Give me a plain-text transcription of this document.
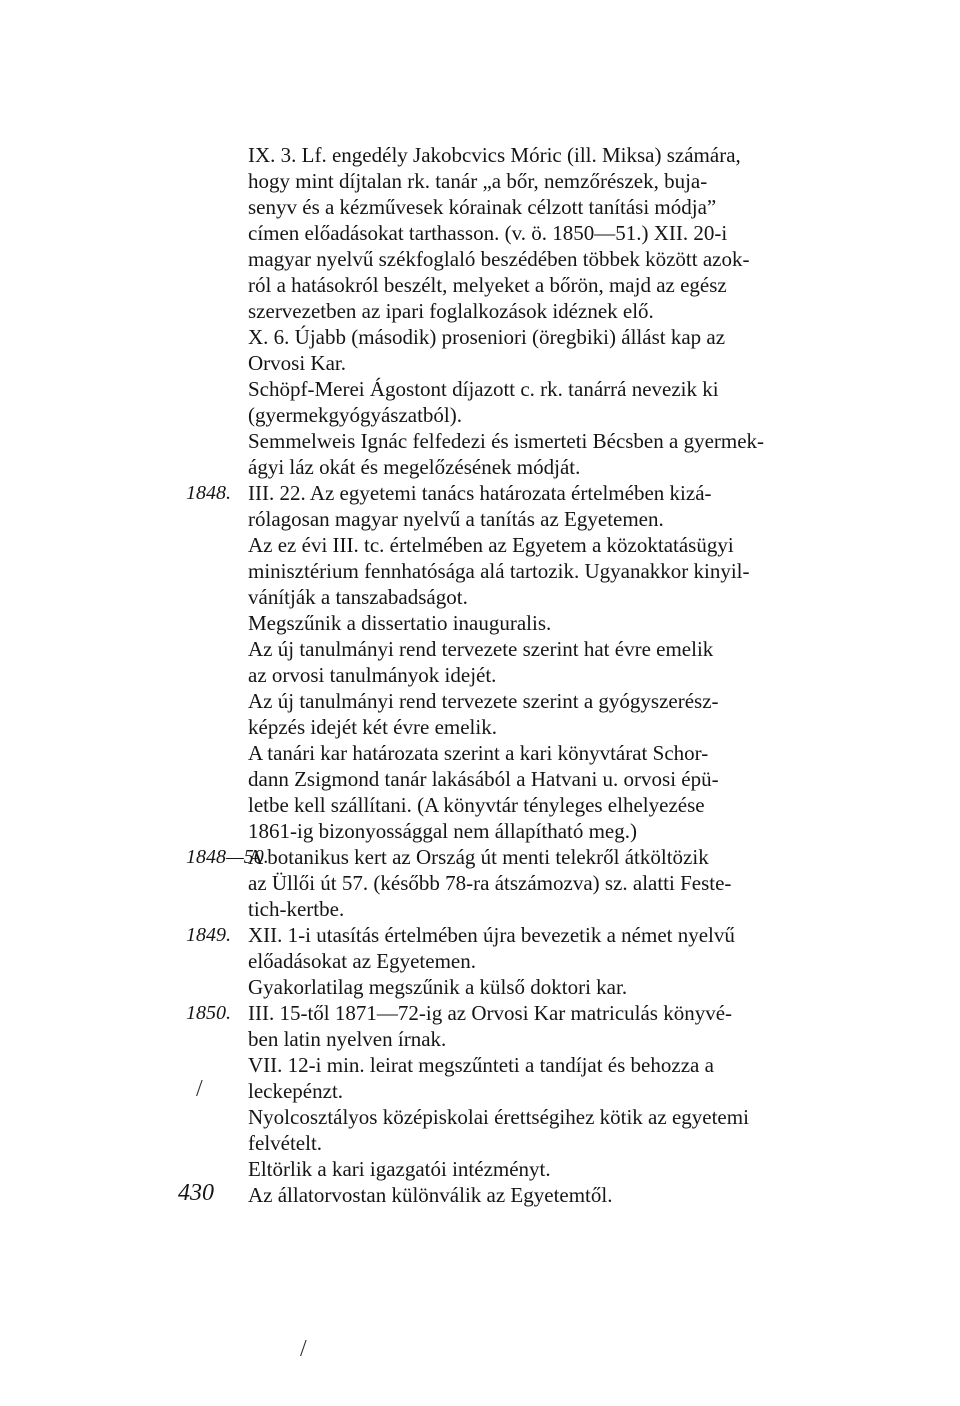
IX. 3. Lf. engedély Jakobcvics Móric (ill. Miksa) számára,
hogy mint díjtalan rk. tanár „a bőr, nemzőrészek, buja-
senyv és a kézművesek kórainak célzott tanítási módja”
címen előadásokat tarthasson. (v. ö. 1850—51.) XII. 20-i
magyar nyelvű székfoglaló beszédében többek között azok-
ról a hatásokról beszélt, melyeket a bőrön, majd az egész
szervezetben az ipari foglalkozások idéznek elő.
X. 6. Újabb (második) proseniori (öregbiki) állást kap az
Orvosi Kar.
Schöpf-Merei Ágostont díjazott c. rk. tanárrá nevezik ki
(gyermekgyógyászatból).
Semmelweis Ignác felfedezi és ismerteti Bécsben a gyermek-
ágyi láz okát és megelőzésének módját.
1848. III. 22. Az egyetemi tanács határozata értelmében kizá-
rólagosan magyar nyelvű a tanítás az Egyetemen.
Az ez évi III. tc. értelmében az Egyetem a közoktatásügyi
minisztérium fennhatósága alá tartozik. Ugyanakkor kinyil-
vánítják a tanszabadságot.
Megszűnik a dissertatio inauguralis.
Az új tanulmányi rend tervezete szerint hat évre emelik
az orvosi tanulmányok idejét.
Az új tanulmányi rend tervezete szerint a gyógyszerész-
képzés idejét két évre emelik.
A tanári kar határozata szerint a kari könyvtárat Schor-
dann Zsigmond tanár lakásából a Hatvani u. orvosi épü-
letbe kell szállítani. (A könyvtár tényleges elhelyezése
1861-ig bizonyossággal nem állapítható meg.)
1848—50.
A botanikus kert az Ország út menti telekről átköltözik
az Üllői út 57. (később 78-ra átszámozva) sz. alatti Feste-
tich-kertbe.
1849. XII. 1-i utasítás értelmében újra bevezetik a német nyelvű
előadásokat az Egyetemen.
Gyakorlatilag megszűnik a külső doktori kar.
1850. III. 15-től 1871—72-ig az Orvosi Kar matriculás könyvé-
ben latin nyelven írnak.
VII. 12-i min. leirat megszűnteti a tandíjat és behozza a
leckepénzt.
Nyolcosztályos középiskolai érettségihez kötik az egyetemi
felvételt.
Eltörlik a kari igazgatói intézményt.
Az állatorvostan különválik az Egyetemtől.
430
/
/
